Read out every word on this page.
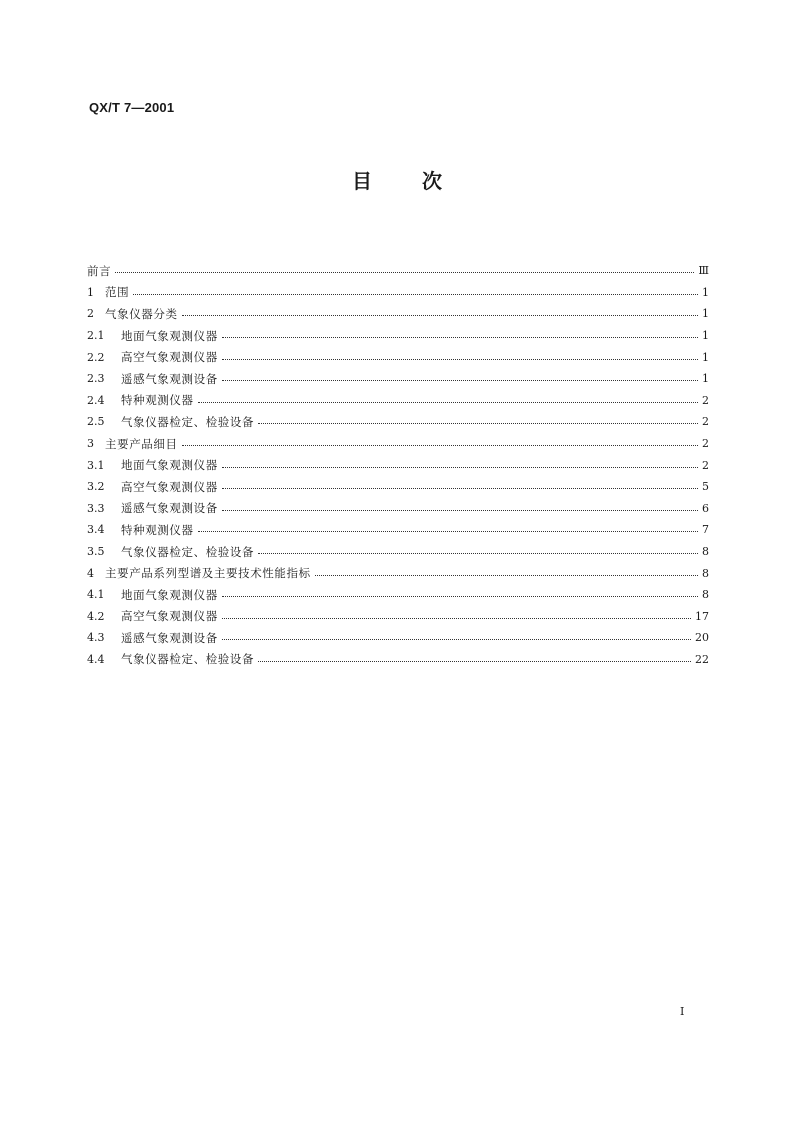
QX/T 7—2001
目次
前言	Ⅲ
1 范围	1
2 气象仪器分类	1
2.1	地面气象观测仪器	1
2.2	高空气象观测仪器	1
2.3	遥感气象观测设备	1
2.4	特种观测仪器	2
2.5	气象仪器检定、检验设备	2
3 主要产品细目	2
3.1	地面气象观测仪器	2
3.2	高空气象观测仪器	5
3.3	遥感气象观测设备	6
3.4	特种观测仪器	7
3.5	气象仪器检定、检验设备	8
4 主要产品系列型谱及主要技术性能指标	8
4.1	地面气象观测仪器	8
4.2	高空气象观测仪器	17
4.3	遥感气象观测设备	20
4.4	气象仪器检定、检验设备	22
I
